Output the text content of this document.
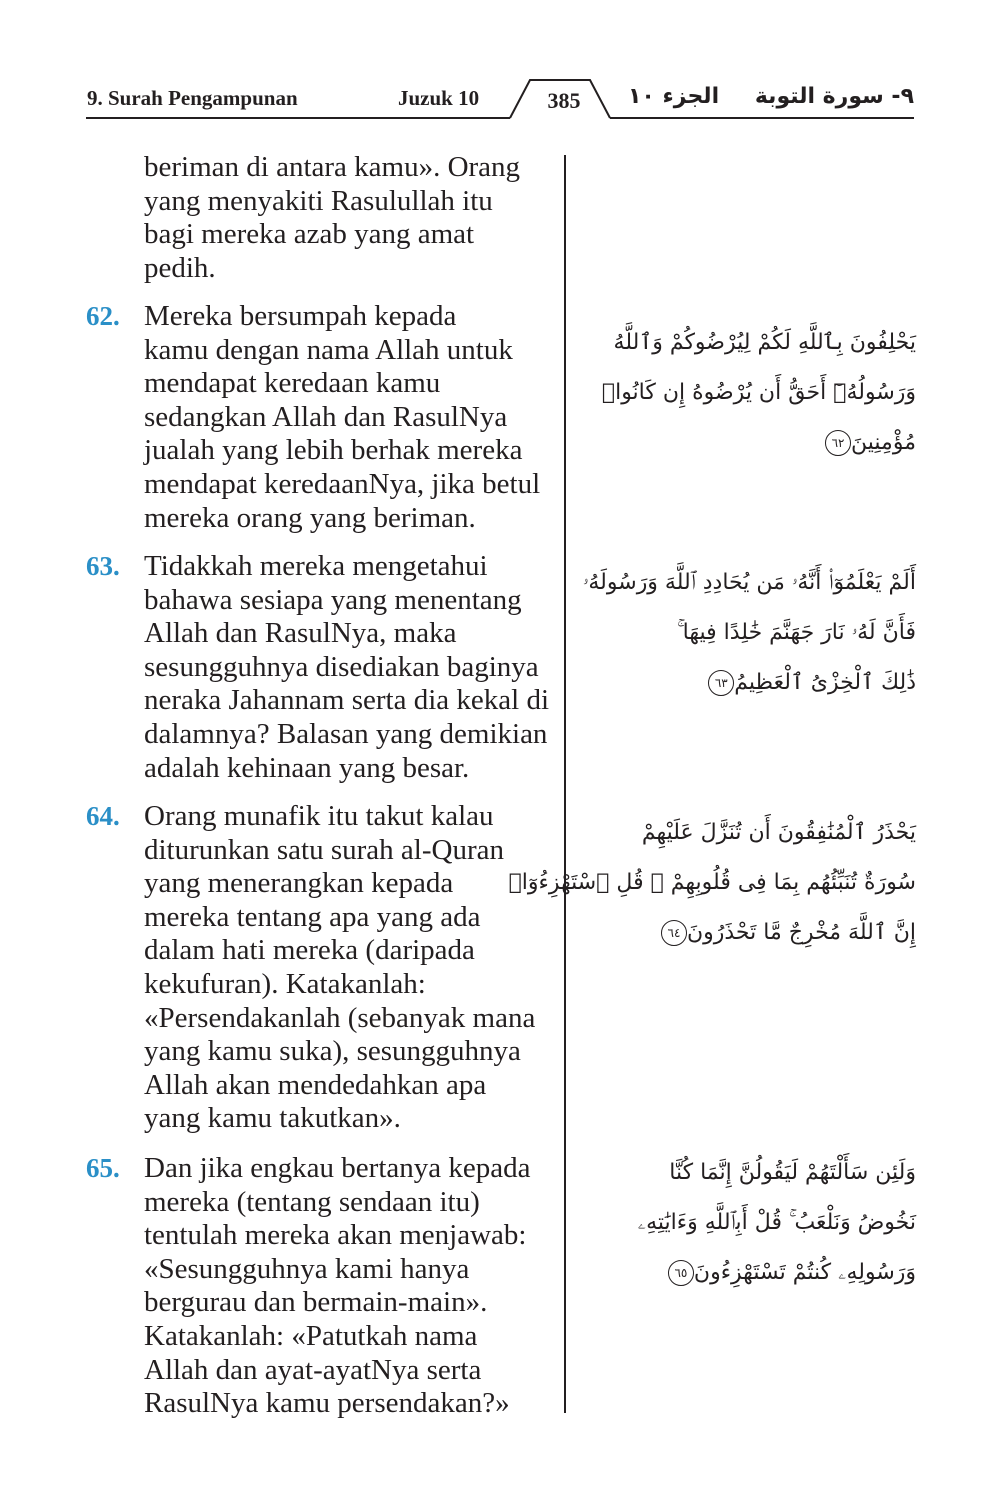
9. Surah Pengampunan	Juzuk 10	385	الجزء ١٠ ٩- سورة التوبة
beriman di antara kamu». Orang
yang menyakiti Rasulullah itu
bagi mereka azab yang amat
pedih.
62. Mereka bersumpah kepada
kamu dengan nama Allah untuk
mendapat keredaan kamu
sedangkan Allah dan RasulNya
jualah yang lebih berhak mereka
mendapat keredaanNya, jika betul
mereka orang yang beriman.
يَحْلِفُونَ بِٱللَّهِ لَكُمْ لِيُرْضُوكُمْ وَٱللَّهُ
وَرَسُولُهُۥٓ أَحَقُّ أَن يُرْضُوهُ إِن كَانُوا۟
مُؤْمِنِينَ٦٢
63. Tidakkah mereka mengetahui
bahawa sesiapa yang menentang
Allah dan RasulNya, maka
sesungguhnya disediakan baginya
neraka Jahannam serta dia kekal di
dalamnya? Balasan yang demikian
adalah kehinaan yang besar.
أَلَمْ يَعْلَمُوٓا۟ أَنَّهُۥ مَن يُحَادِدِ ٱللَّهَ وَرَسُولَهُۥ
فَأَنَّ لَهُۥ نَارَ جَهَنَّمَ خَٰلِدًا فِيهَا ۚ
ذَٰلِكَ ٱلْخِزْىُ ٱلْعَظِيمُ٦٣
64. Orang munafik itu takut kalau
diturunkan satu surah al-Quran
yang menerangkan kepada
mereka tentang apa yang ada
dalam hati mereka (daripada
kekufuran). Katakanlah:
«Persendakanlah (sebanyak mana
yang kamu suka), sesungguhnya
Allah akan mendedahkan apa
yang kamu takutkan».
يَحْذَرُ ٱلْمُنَٰفِقُونَ أَن تُنَزَّلَ عَلَيْهِمْ
سُورَةٌ تُنَبِّئُهُم بِمَا فِى قُلُوبِهِمْ ۚ قُلِ ٱسْتَهْزِءُوٓا۟
إِنَّ ٱللَّهَ مُخْرِجٌ مَّا تَحْذَرُونَ٦٤
65. Dan jika engkau bertanya kepada
mereka (tentang sendaan itu)
tentulah mereka akan menjawab:
«Sesungguhnya kami hanya
bergurau dan bermain-main».
Katakanlah: «Patutkah nama
Allah dan ayat-ayatNya serta
RasulNya kamu persendakan?»
وَلَئِن سَأَلْتَهُمْ لَيَقُولُنَّ إِنَّمَا كُنَّا
نَخُوضُ وَنَلْعَبُ ۚ قُلْ أَبِٱللَّهِ وَءَايَٰتِهِۦ
وَرَسُولِهِۦ كُنتُمْ تَسْتَهْزِءُونَ٦٥
